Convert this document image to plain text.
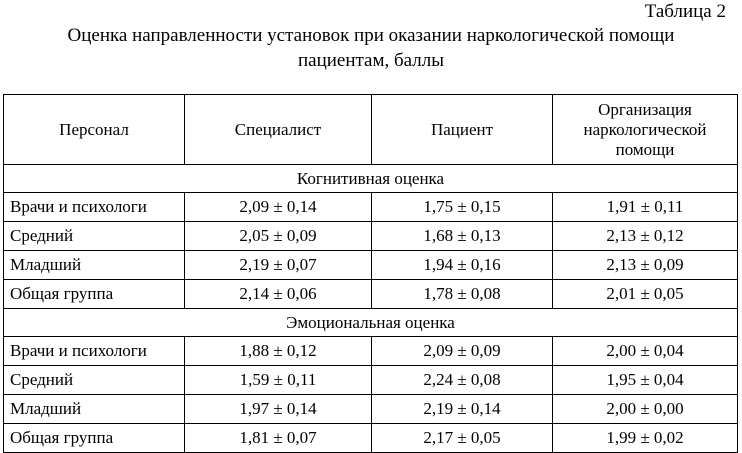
Таблица 2
Оценка направленности установок при оказании наркологической помощи
пациентам, баллы
Персонал	Специалист	Пациент	Организация
наркологической
помощи

Когнитивная оценка			
Врачи и психологи	2,09 ± 0,14	1,75 ± 0,15	1,91 ± 0,11
Средний	2,05 ± 0,09	1,68 ± 0,13	2,13 ± 0,12
Младший	2,19 ± 0,07	1,94 ± 0,16	2,13 ± 0,09
Общая группа	2,14 ± 0,06	1,78 ± 0,08	2,01 ± 0,05
Эмоциональная оценка			
Врачи и психологи	1,88 ± 0,12	2,09 ± 0,09	2,00 ± 0,04
Средний	1,59 ± 0,11	2,24 ± 0,08	1,95 ± 0,04
Младший	1,97 ± 0,14	2,19 ± 0,14	2,00 ± 0,00
Общая группа	1,81 ± 0,07	2,17 ± 0,05	1,99 ± 0,02
